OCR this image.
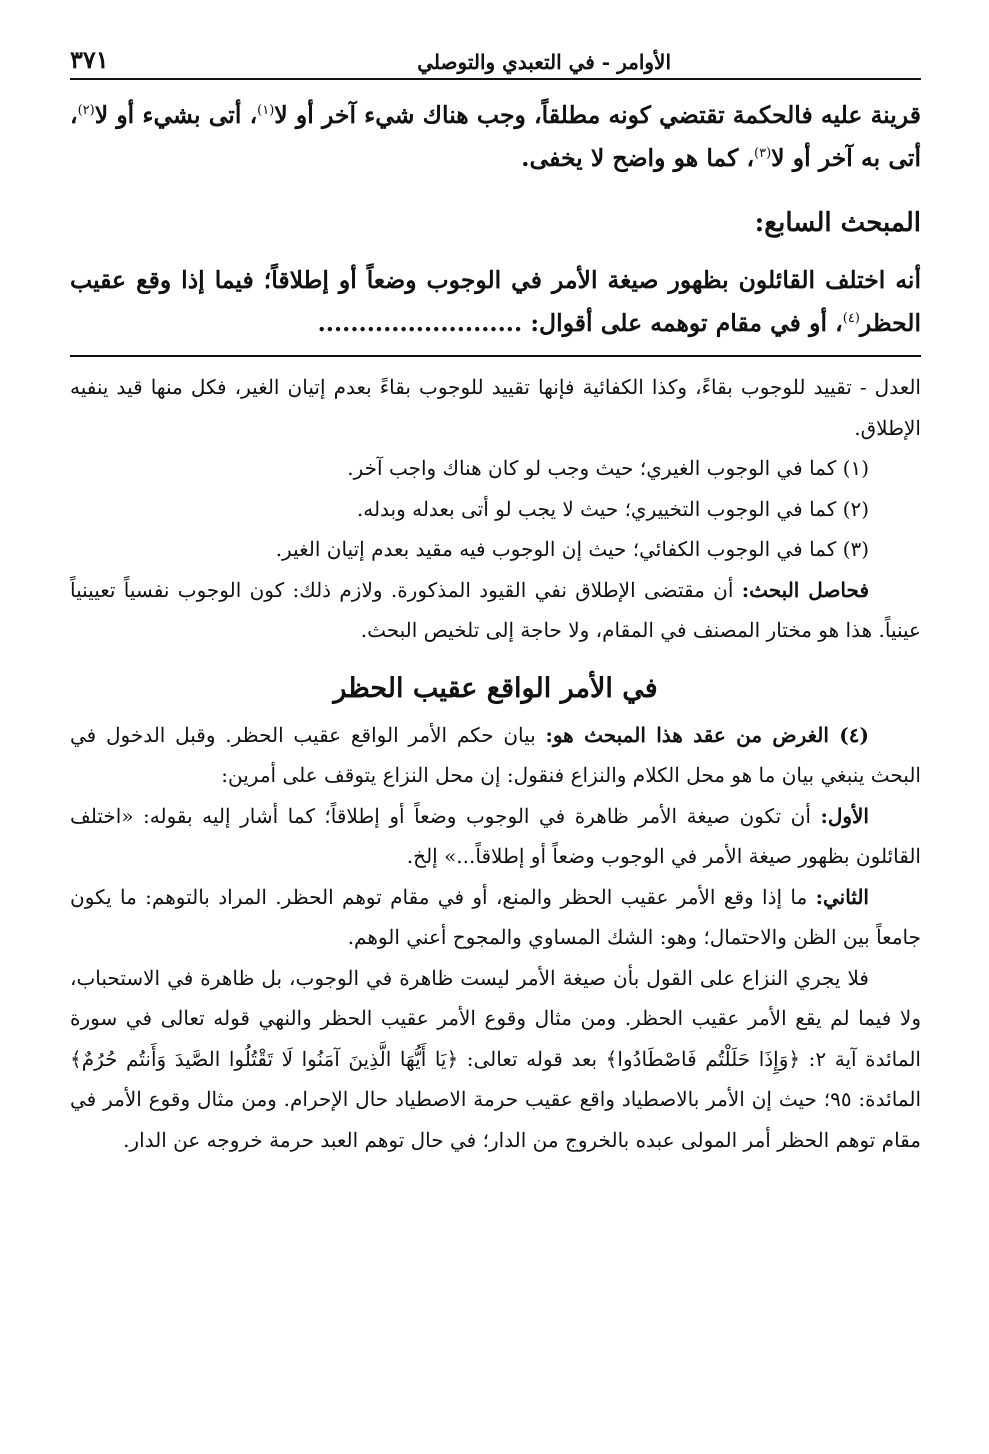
الأوامر - في التعبدي والتوصلي
٣٧١

قرينة عليه فالحكمة تقتضي كونه مطلقاً، وجب هناك شيء آخر أو لا$^{(١)}$، أتى بشيء أو لا$^{(٢)}$، أتى به آخر أو لا$^{(٣)}$، كما هو واضح لا يخفى.

المبحث السابع:

أنه اختلف القائلون بظهور صيغة الأمر في الوجوب وضعاً أو إطلاقاً؛ فيما إذا وقع عقيب الحظر$^{(٤)}$، أو في مقام توهمه على أقوال: .........................

العدل - تقييد للوجوب بقاءً، وكذا الكفائية فإنها تقييد للوجوب بقاءً بعدم إتيان الغير، فكل منها قيد ينفيه الإطلاق.

(١) كما في الوجوب الغيري؛ حيث وجب لو كان هناك واجب آخر.

(٢) كما في الوجوب التخييري؛ حيث لا يجب لو أتى بعدله وبدله.

(٣) كما في الوجوب الكفائي؛ حيث إن الوجوب فيه مقيد بعدم إتيان الغير.

فحاصل البحث: أن مقتضى الإطلاق نفي القيود المذكورة. ولازم ذلك: كون الوجوب نفسياً تعيينياً عينياً. هذا هو مختار المصنف في المقام، ولا حاجة إلى تلخيص البحث.

في الأمر الواقع عقيب الحظر

(٤) الغرض من عقد هذا المبحث هو: بيان حكم الأمر الواقع عقيب الحظر. وقبل الدخول في البحث ينبغي بيان ما هو محل الكلام والنزاع فنقول: إن محل النزاع يتوقف على أمرين:

الأول: أن تكون صيغة الأمر ظاهرة في الوجوب وضعاً أو إطلاقاً؛ كما أشار إليه بقوله: «اختلف القائلون بظهور صيغة الأمر في الوجوب وضعاً أو إطلاقاً...» إلخ.

الثاني: ما إذا وقع الأمر عقيب الحظر والمنع، أو في مقام توهم الحظر. المراد بالتوهم: ما يكون جامعاً بين الظن والاحتمال؛ وهو: الشك المساوي والمجوح أعني الوهم.

فلا يجري النزاع على القول بأن صيغة الأمر ليست ظاهرة في الوجوب، بل ظاهرة في الاستحباب، ولا فيما لم يقع الأمر عقيب الحظر. ومن مثال وقوع الأمر عقيب الحظر والنهي قوله تعالى في سورة المائدة آية ٢: ﴿وَإِذَا حَلَلْتُم فَاصْطَادُوا﴾ بعد قوله تعالى: ﴿يَا أَيُّهَا الَّذِينَ آمَنُوا لَا تَقْتُلُوا الصَّيدَ وَأَنتُم حُرُمٌ﴾ المائدة: ٩٥؛ حيث إن الأمر بالاصطياد واقع عقيب حرمة الاصطياد حال الإحرام. ومن مثال وقوع الأمر في مقام توهم الحظر أمر المولى عبده بالخروج من الدار؛ في حال توهم العبد حرمة خروجه عن الدار.
